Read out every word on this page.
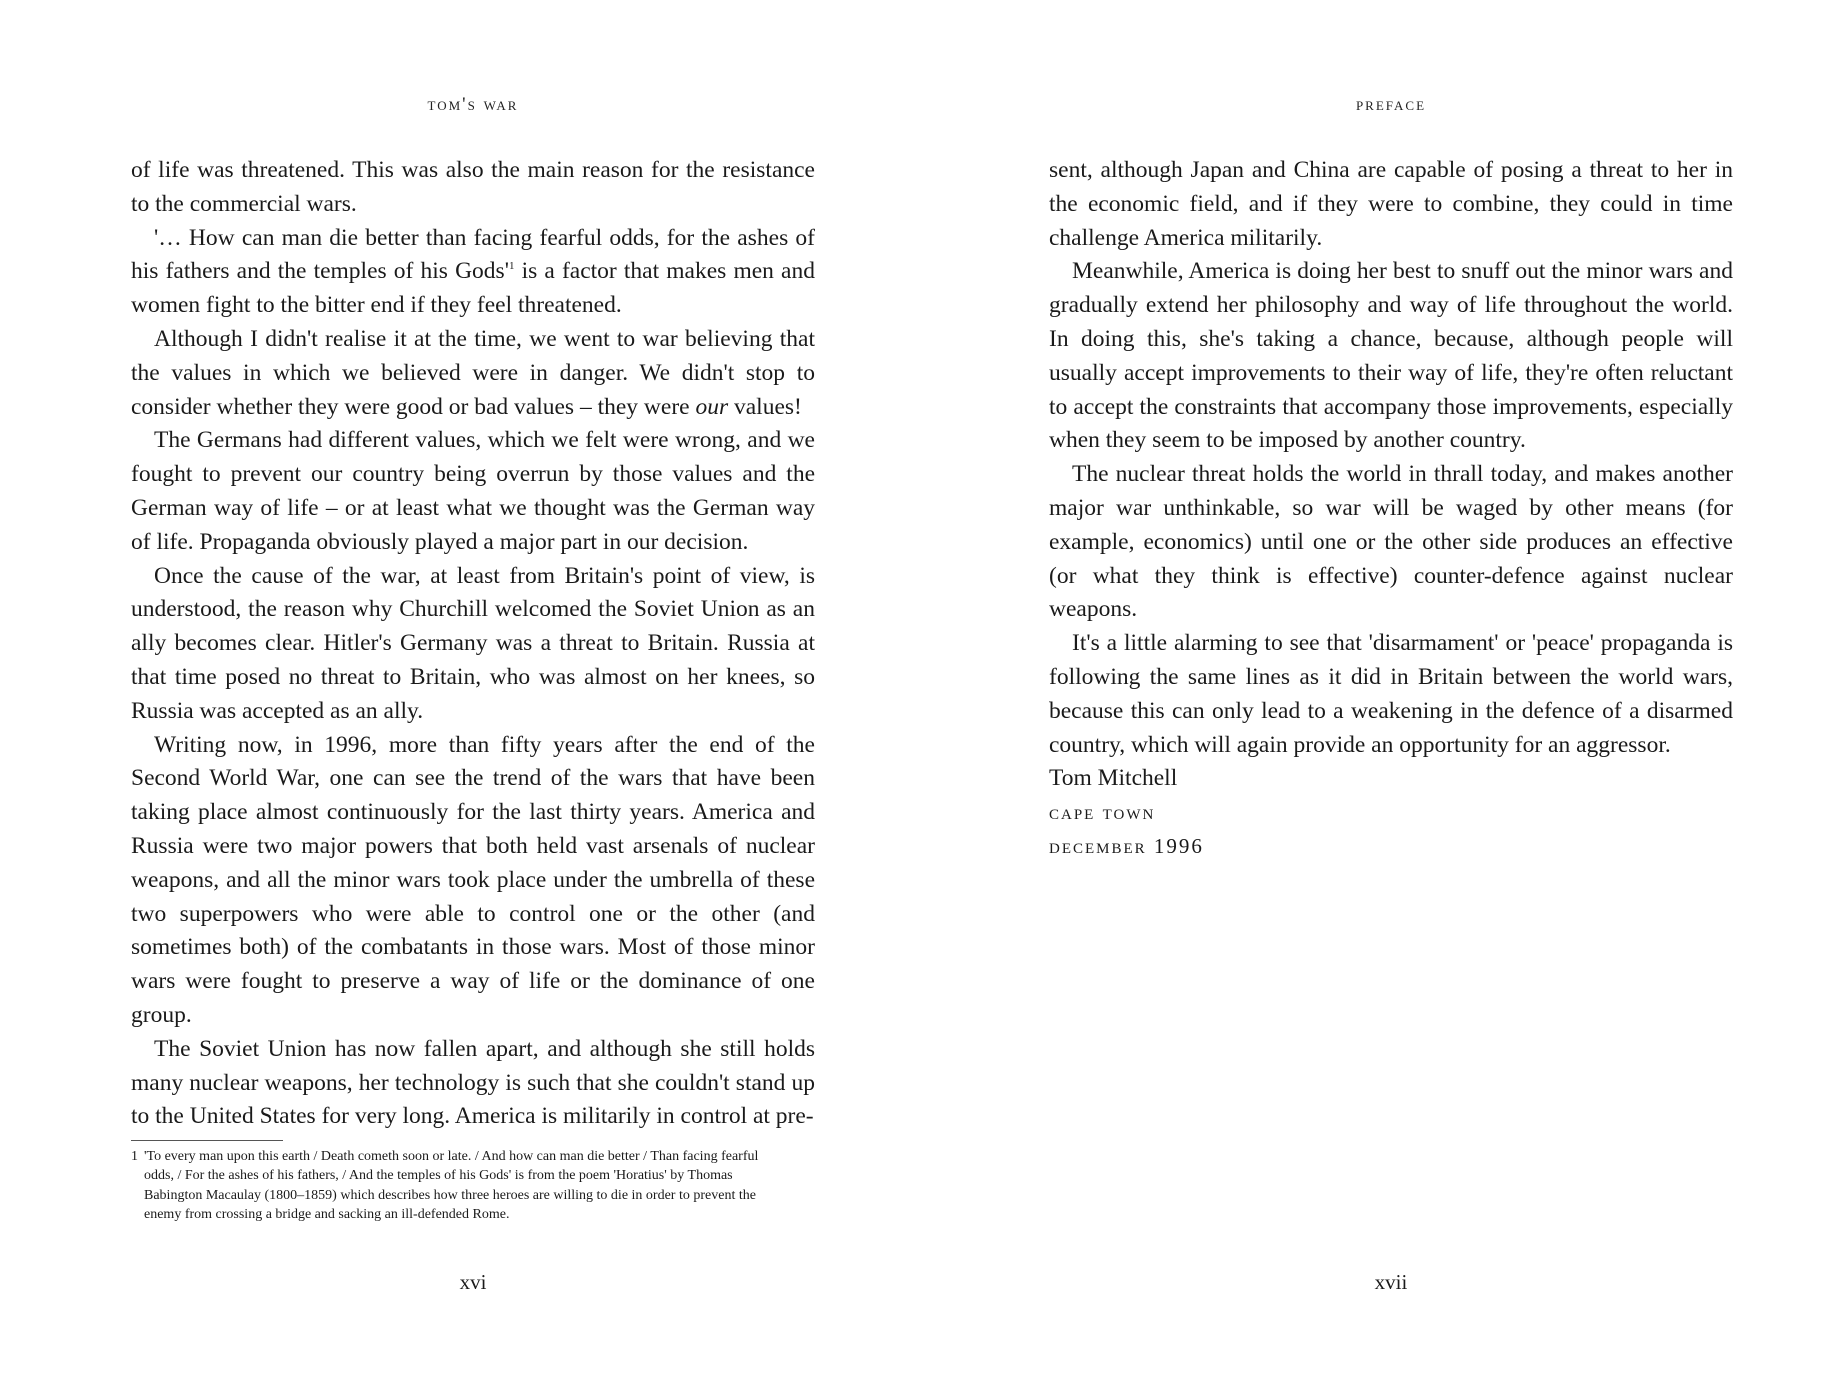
tom's war

of life was threatened. This was also the main reason for the resistance to the commercial wars.

'… How can man die better than facing fearful odds, for the ashes of his fathers and the temples of his Gods'$^1$ is a factor that makes men and women fight to the bitter end if they feel threatened.

Although I didn't realise it at the time, we went to war believing that the values in which we believed were in danger. We didn't stop to consider whether they were good or bad values – they were our values!

The Germans had different values, which we felt were wrong, and we fought to prevent our country being overrun by those values and the German way of life – or at least what we thought was the German way of life. Propaganda obviously played a major part in our decision.

Once the cause of the war, at least from Britain's point of view, is understood, the reason why Churchill welcomed the Soviet Union as an ally becomes clear. Hitler's Germany was a threat to Britain. Russia at that time posed no threat to Britain, who was almost on her knees, so Russia was accepted as an ally.

Writing now, in 1996, more than fifty years after the end of the Second World War, one can see the trend of the wars that have been taking place almost continuously for the last thirty years. America and Russia were two major powers that both held vast arsenals of nuclear weapons, and all the minor wars took place under the umbrella of these two superpowers who were able to control one or the other (and sometimes both) of the combatants in those wars. Most of those minor wars were fought to preserve a way of life or the dominance of one group.

The Soviet Union has now fallen apart, and although she still holds many nuclear weapons, her technology is such that she couldn't stand up to the United States for very long. America is militarily in control at pre-

1 'To every man upon this earth / Death cometh soon or late. / And how can man die better / Than facing fearful odds, / For the ashes of his fathers, / And the temples of his Gods' is from the poem 'Horatius' by Thomas Babington Macaulay (1800–1859) which describes how three heroes are willing to die in order to prevent the enemy from crossing a bridge and sacking an ill-defended Rome.
xvi
preface

sent, although Japan and China are capable of posing a threat to her in the economic field, and if they were to combine, they could in time challenge America militarily.

Meanwhile, America is doing her best to snuff out the minor wars and gradually extend her philosophy and way of life throughout the world. In doing this, she's taking a chance, because, although people will usually accept improvements to their way of life, they're often reluctant to accept the constraints that accompany those improvements, especially when they seem to be imposed by another country.

The nuclear threat holds the world in thrall today, and makes another major war unthinkable, so war will be waged by other means (for example, economics) until one or the other side produces an effective (or what they think is effective) counter-defence against nuclear weapons.

It's a little alarming to see that 'disarmament' or 'peace' propaganda is following the same lines as it did in Britain between the world wars, because this can only lead to a weakening in the defence of a disarmed country, which will again provide an opportunity for an aggressor.

Tom Mitchell
cape town
december 1996
xvii
